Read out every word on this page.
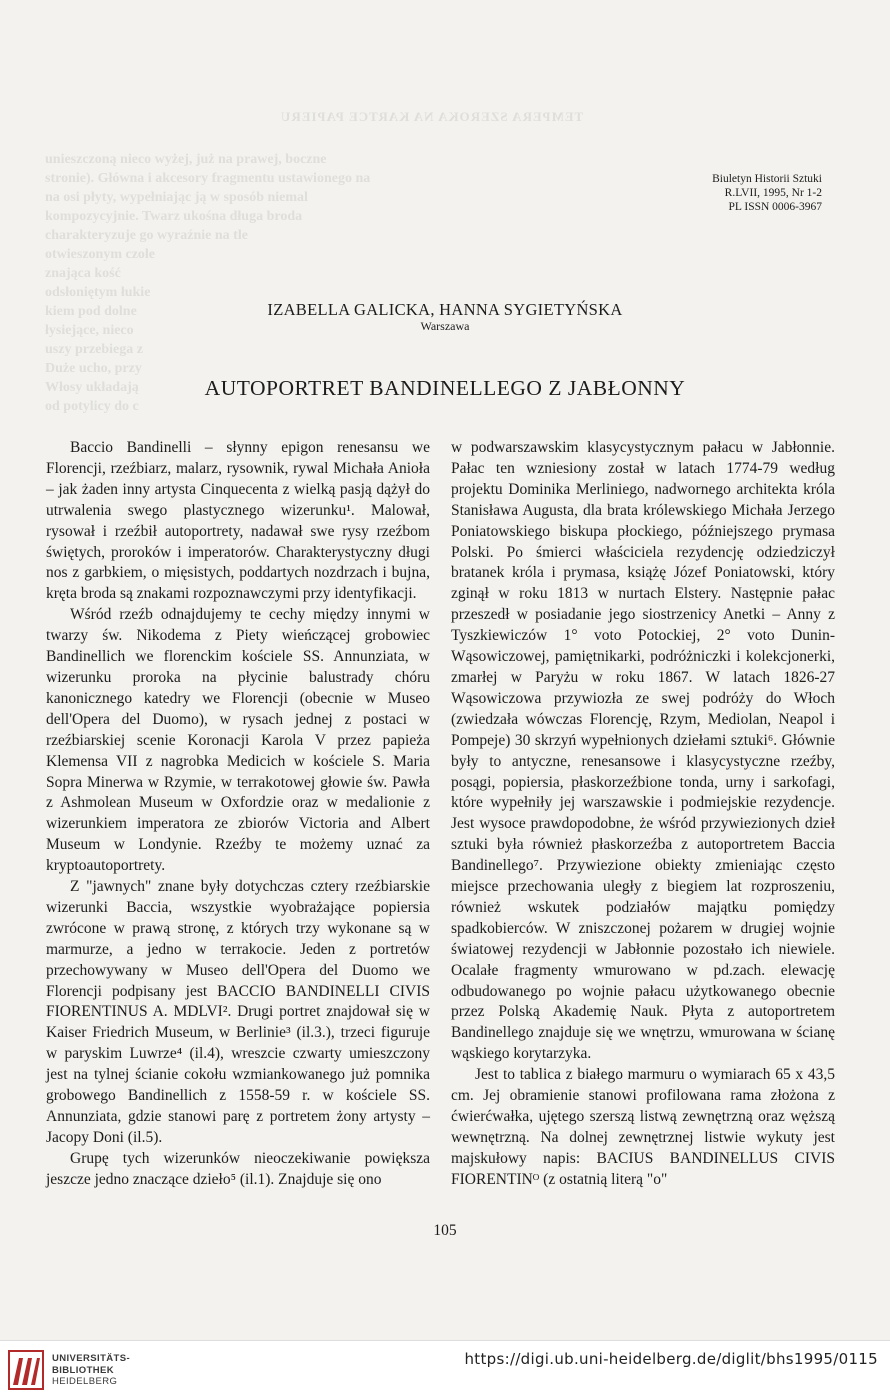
TEMPERA SZEROKA NA KARTCE PAPIERU
unieszczoną nieco wyżej, już na prawej, boczne
stronie). Główna i akcesory fragmentu ustawionego na
na osi płyty, wypełniając ją w sposób niemal
kompozycyjnie. Twarz ukośna długa broda
charakteryzuje go wyraźnie na tle
otwieszonym czole
znająca kość
odsłoniętym łukie
kiem pod dolne
łysiejące, nieco
uszy przebiega z
Duże ucho, przy
Włosy układają
od potylicy do c
Biuletyn Historii Sztuki
R.LVII, 1995, Nr 1-2
PL ISSN 0006-3967
IZABELLA GALICKA, HANNA SYGIETYŃSKA
Warszawa
AUTOPORTRET BANDINELLEGO Z JABŁONNY

Baccio Bandinelli – słynny epigon renesansu we Florencji, rzeźbiarz, malarz, rysownik, rywal Michała Anioła – jak żaden inny artysta Cinquecenta z wielką pasją dążył do utrwalenia swego plastycznego wizerunku¹. Malował, rysował i rzeźbił autoportrety, nadawał swe rysy rzeźbom świętych, proroków i imperatorów. Charakterystyczny długi nos z garbkiem, o mięsistych, poddartych nozdrzach i bujna, kręta broda są znakami rozpoznawczymi przy identyfikacji.

Wśród rzeźb odnajdujemy te cechy między innymi w twarzy św. Nikodema z Piety wieńczącej grobowiec Bandinellich we florenckim kościele SS. Annunziata, w wizerunku proroka na płycinie balustrady chóru kanonicznego katedry we Florencji (obecnie w Museo dell'Opera del Duomo), w rysach jednej z postaci w rzeźbiarskiej scenie Koronacji Karola V przez papieża Klemensa VII z nagrobka Medicich w kościele S. Maria Sopra Minerwa w Rzymie, w terrakotowej głowie św. Pawła z Ashmolean Museum w Oxfordzie oraz w medalionie z wizerunkiem imperatora ze zbiorów Victoria and Albert Museum w Londynie. Rzeźby te możemy uznać za kryptoautoportrety.

Z "jawnych" znane były dotychczas cztery rzeźbiarskie wizerunki Baccia, wszystkie wyobrażające popiersia zwrócone w prawą stronę, z których trzy wykonane są w marmurze, a jedno w terrakocie. Jeden z portretów przechowywany w Museo dell'Opera del Duomo we Florencji podpisany jest BACCIO BANDINELLI CIVIS FIORENTINUS A. MDLVI². Drugi portret znajdował się w Kaiser Friedrich Museum, w Berlinie³ (il.3.), trzeci figuruje w paryskim Luwrze⁴ (il.4), wreszcie czwarty umieszczony jest na tylnej ścianie cokołu wzmiankowanego już pomnika grobowego Bandinellich z 1558-59 r. w kościele SS. Annunziata, gdzie stanowi parę z portretem żony artysty – Jacopy Doni (il.5).

Grupę tych wizerunków nieoczekiwanie powiększa jeszcze jedno znaczące dzieło⁵ (il.1). Znajduje się ono

w podwarszawskim klasycystycznym pałacu w Jabłonnie. Pałac ten wzniesiony został w latach 1774-79 według projektu Dominika Merliniego, nadwornego architekta króla Stanisława Augusta, dla brata królewskiego Michała Jerzego Poniatowskiego biskupa płockiego, późniejszego prymasa Polski. Po śmierci właściciela rezydencję odziedziczył bratanek króla i prymasa, książę Józef Poniatowski, który zginął w roku 1813 w nurtach Elstery. Następnie pałac przeszedł w posiadanie jego siostrzenicy Anetki – Anny z Tyszkiewiczów 1° voto Potockiej, 2° voto Dunin-Wąsowiczowej, pamiętnikarki, podróżniczki i kolekcjonerki, zmarłej w Paryżu w roku 1867. W latach 1826-27 Wąsowiczowa przywiozła ze swej podróży do Włoch (zwiedzała wówczas Florencję, Rzym, Mediolan, Neapol i Pompeje) 30 skrzyń wypełnionych dziełami sztuki⁶. Głównie były to antyczne, renesansowe i klasycystyczne rzeźby, posągi, popiersia, płaskorzeźbione tonda, urny i sarkofagi, które wypełniły jej warszawskie i podmiejskie rezydencje. Jest wysoce prawdopodobne, że wśród przywiezionych dzieł sztuki była również płaskorzeźba z autoportretem Baccia Bandinellego⁷. Przywiezione obiekty zmieniając często miejsce przechowania uległy z biegiem lat rozproszeniu, również wskutek podziałów majątku pomiędzy spadkobierców. W zniszczonej pożarem w drugiej wojnie światowej rezydencji w Jabłonnie pozostało ich niewiele. Ocalałe fragmenty wmurowano w pd.zach. elewację odbudowanego po wojnie pałacu użytkowanego obecnie przez Polską Akademię Nauk. Płyta z autoportretem Bandinellego znajduje się we wnętrzu, wmurowana w ścianę wąskiego korytarzyka.

Jest to tablica z białego marmuru o wymiarach 65 x 43,5 cm. Jej obramienie stanowi profilowana rama złożona z ćwierćwałka, ujętego szerszą listwą zewnętrzną oraz węższą wewnętrzną. Na dolnej zewnętrznej listwie wykuty jest majskułowy napis: BACIUS BANDINELLUS CIVIS FIORENTINᴼ (z ostatnią literą "o"

105
UNIVERSITÄTS-
BIBLIOTHEK
HEIDELBERG
https://digi.ub.uni-heidelberg.de/diglit/bhs1995/0115
